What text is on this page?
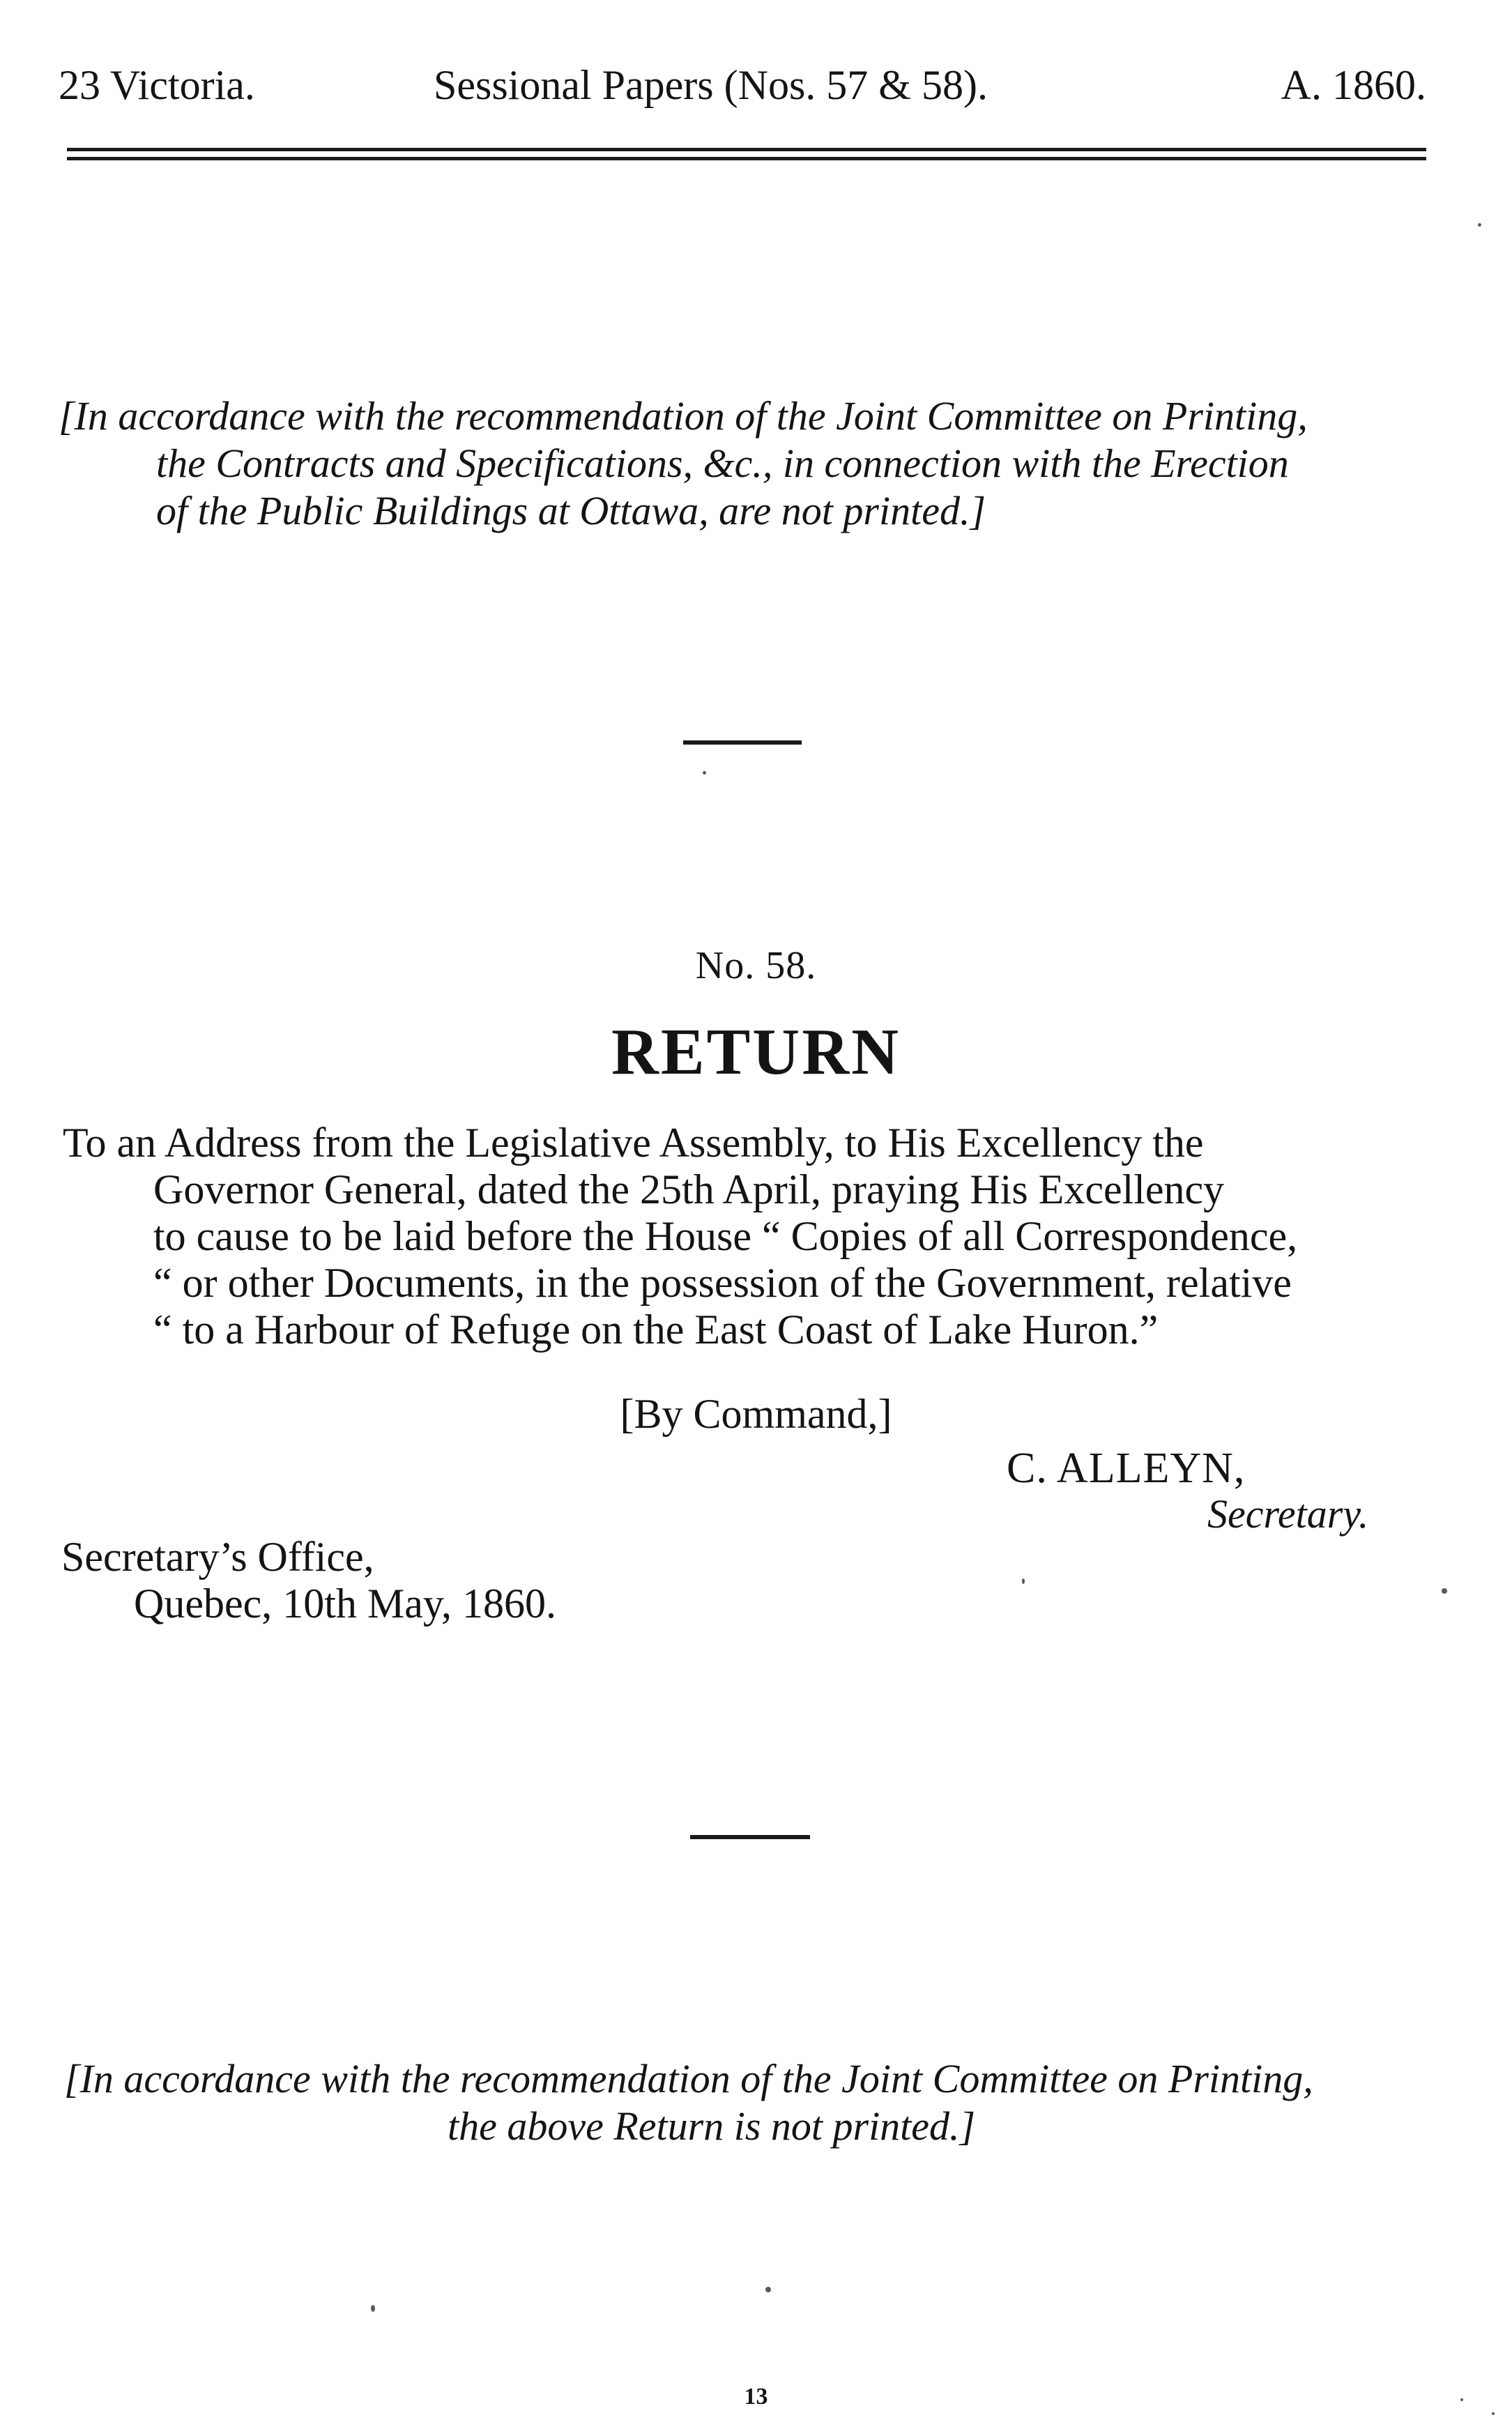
23 Victoria.	Sessional Papers (Nos. 57 & 58).	A. 1860.
[In accordance with the recommendation of the Joint Committee on Printing,
the Contracts and Specifications, &c., in connection with the Erection
of the Public Buildings at Ottawa, are not printed.]
No. 58.
RETURN
To an Address from the Legislative Assembly, to His Excellency the
Governor General, dated the 25th April, praying His Excellency
to cause to be laid before the House “ Copies of all Correspondence,
“ or other Documents, in the possession of the Government, relative
“ to a Harbour of Refuge on the East Coast of Lake Huron.”
[By Command,]
C. ALLEYN,
Secretary.
Secretary’s Office,
Quebec, 10th May, 1860.
[In accordance with the recommendation of the Joint Committee on Printing,
the above Return is not printed.]
13
